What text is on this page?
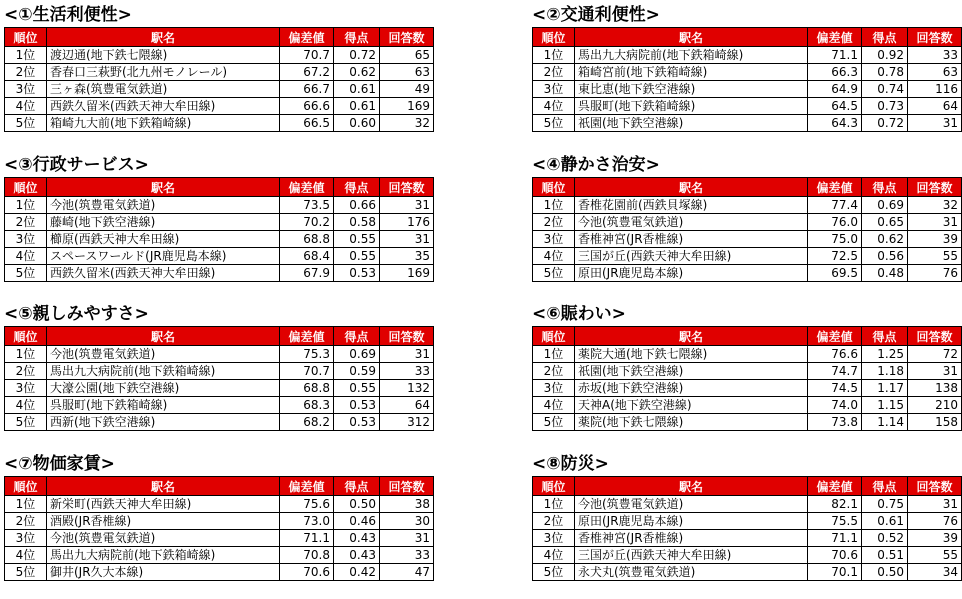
<①生活利便性>
順位	駅名	偏差値	得点	回答数
1位	渡辺通(地下鉄七隈線)	70.7	0.72	65
2位	香春口三萩野(北九州モノレール)	67.2	0.62	63
3位	三ヶ森(筑豊電気鉄道)	66.7	0.61	49
4位	西鉄久留米(西鉄天神大牟田線)	66.6	0.61	169
5位	箱崎九大前(地下鉄箱崎線)	66.5	0.60	32
<②交通利便性>
順位	駅名	偏差値	得点	回答数
1位	馬出九大病院前(地下鉄箱崎線)	71.1	0.92	33
2位	箱崎宮前(地下鉄箱崎線)	66.3	0.78	63
3位	東比恵(地下鉄空港線)	64.9	0.74	116
4位	呉服町(地下鉄箱崎線)	64.5	0.73	64
5位	祇園(地下鉄空港線)	64.3	0.72	31
<③行政サービス>
順位	駅名	偏差値	得点	回答数
1位	今池(筑豊電気鉄道)	73.5	0.66	31
2位	藤崎(地下鉄空港線)	70.2	0.58	176
3位	櫛原(西鉄天神大牟田線)	68.8	0.55	31
4位	スペースワールド(JR鹿児島本線)	68.4	0.55	35
5位	西鉄久留米(西鉄天神大牟田線)	67.9	0.53	169
<④静かさ治安>
順位	駅名	偏差値	得点	回答数
1位	香椎花園前(西鉄貝塚線)	77.4	0.69	32
2位	今池(筑豊電気鉄道)	76.0	0.65	31
3位	香椎神宮(JR香椎線)	75.0	0.62	39
4位	三国が丘(西鉄天神大牟田線)	72.5	0.56	55
5位	原田(JR鹿児島本線)	69.5	0.48	76
<⑤親しみやすさ>
順位	駅名	偏差値	得点	回答数
1位	今池(筑豊電気鉄道)	75.3	0.69	31
2位	馬出九大病院前(地下鉄箱崎線)	70.7	0.59	33
3位	大濠公園(地下鉄空港線)	68.8	0.55	132
4位	呉服町(地下鉄箱崎線)	68.3	0.53	64
5位	西新(地下鉄空港線)	68.2	0.53	312
<⑥賑わい>
順位	駅名	偏差値	得点	回答数
1位	薬院大通(地下鉄七隈線)	76.6	1.25	72
2位	祇園(地下鉄空港線)	74.7	1.18	31
3位	赤坂(地下鉄空港線)	74.5	1.17	138
4位	天神A(地下鉄空港線)	74.0	1.15	210
5位	薬院(地下鉄七隈線)	73.8	1.14	158
<⑦物価家賃>
順位	駅名	偏差値	得点	回答数
1位	新栄町(西鉄天神大牟田線)	75.6	0.50	38
2位	酒殿(JR香椎線)	73.0	0.46	30
3位	今池(筑豊電気鉄道)	71.1	0.43	31
4位	馬出九大病院前(地下鉄箱崎線)	70.8	0.43	33
5位	御井(JR久大本線)	70.6	0.42	47
<⑧防災>
順位	駅名	偏差値	得点	回答数
1位	今池(筑豊電気鉄道)	82.1	0.75	31
2位	原田(JR鹿児島本線)	75.5	0.61	76
3位	香椎神宮(JR香椎線)	71.1	0.52	39
4位	三国が丘(西鉄天神大牟田線)	70.6	0.51	55
5位	永犬丸(筑豊電気鉄道)	70.1	0.50	34
